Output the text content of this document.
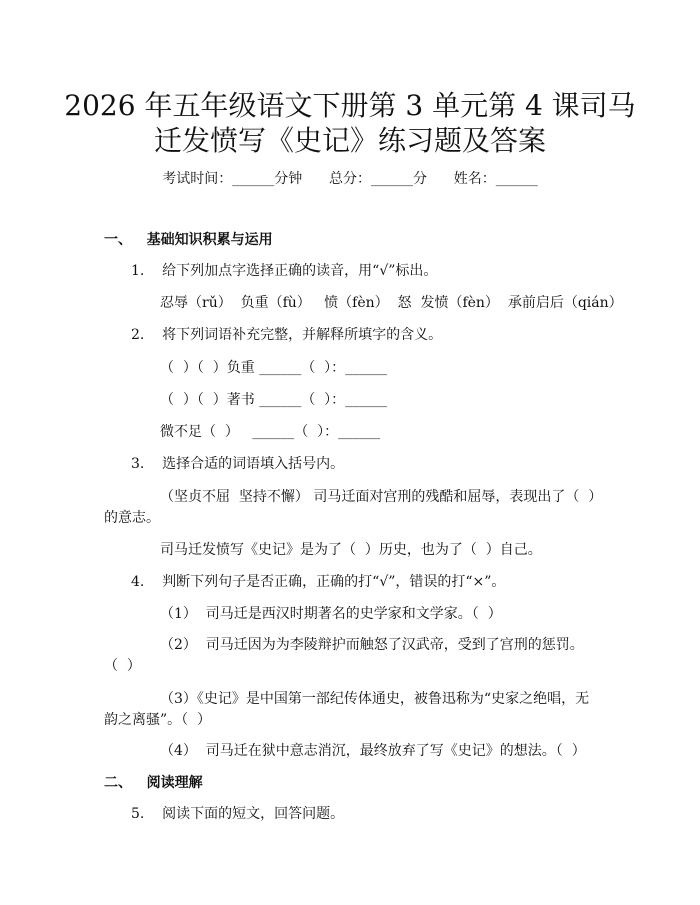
2026 年五年级语文下册第 3 单元第 4 课司马
迁发愤写《史记》练习题及答案
考试时间：______分钟      总分：______分      姓名：______
一、   基础知识积累与运用
1.    给下列加点字选择正确的读音，用“√”标出。
忍辱（rǔ）  负重（fù）   愤（fèn）  怒  发愤（fèn）  承前启后（qián）
2.    将下列词语补充完整，并解释所填字的含义。
（  ）（  ）负重 ______（  ）：______
（  ）（  ）著书 ______（  ）：______
微不足（  ）   ______（  ）：______
3.    选择合适的词语填入括号内。
（坚贞不屈  坚持不懈） 司马迁面对宫刑的残酷和屈辱，表现出了（  ）
的意志。
司马迁发愤写《史记》是为了（  ）历史，也为了（  ）自己。
4.    判断下列句子是否正确，正确的打“√”，错误的打“×”。
（1）  司马迁是西汉时期著名的史学家和文学家。（  ）
（2）  司马迁因为为李陵辩护而触怒了汉武帝，受到了宫刑的惩罚。
（  ）
（3）《史记》是中国第一部纪传体通史，被鲁迅称为“史家之绝唱，无
韵之离骚”。（  ）
（4）  司马迁在狱中意志消沉，最终放弃了写《史记》的想法。（  ）
二、   阅读理解
5.    阅读下面的短文，回答问题。
